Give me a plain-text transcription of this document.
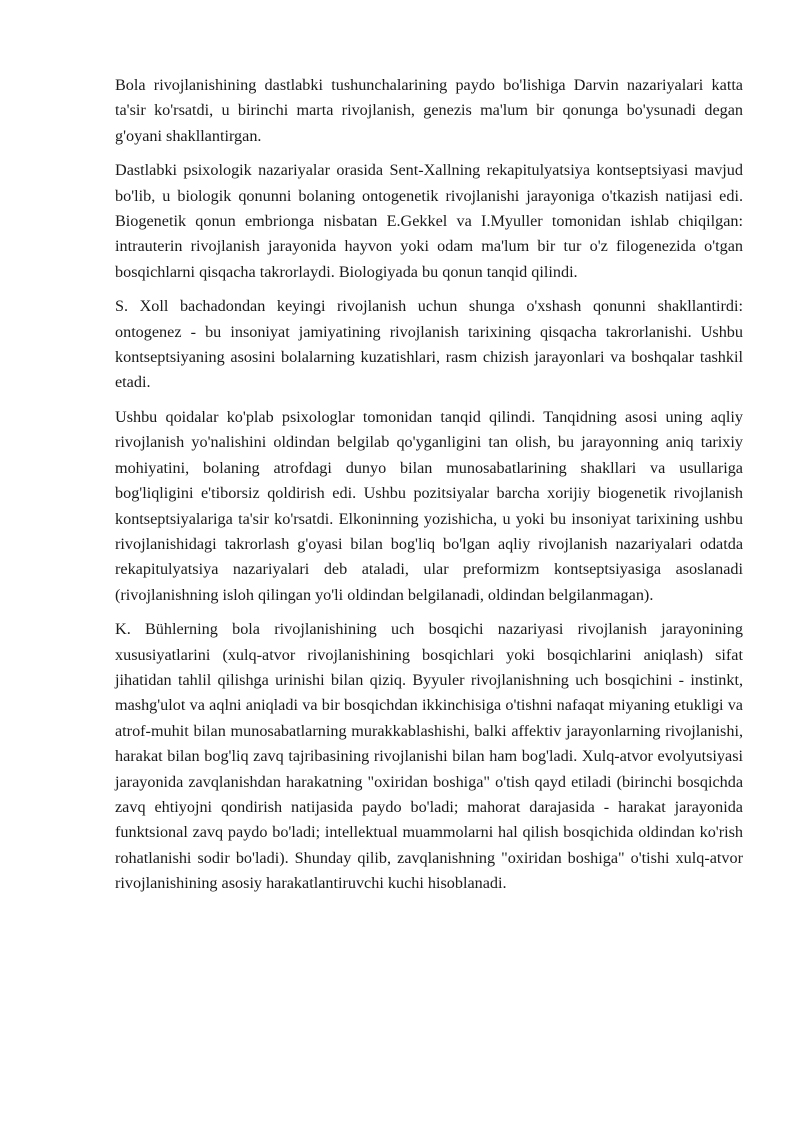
Bola rivojlanishining dastlabki tushunchalarining paydo bo'lishiga Darvin nazariyalari katta ta'sir ko'rsatdi, u birinchi marta rivojlanish, genezis ma'lum bir qonunga bo'ysunadi degan g'oyani shakllantirgan.

Dastlabki psixologik nazariyalar orasida Sent-Xallning rekapitulyatsiya kontseptsiyasi mavjud bo'lib, u biologik qonunni bolaning ontogenetik rivojlanishi jarayoniga o'tkazish natijasi edi. Biogenetik qonun embrionga nisbatan E.Gekkel va I.Myuller tomonidan ishlab chiqilgan: intrauterin rivojlanish jarayonida hayvon yoki odam ma'lum bir tur o'z filogenezida o'tgan bosqichlarni qisqacha takrorlaydi. Biologiyada bu qonun tanqid qilindi.

S. Xoll bachadondan keyingi rivojlanish uchun shunga o'xshash qonunni shakllantirdi: ontogenez - bu insoniyat jamiyatining rivojlanish tarixining qisqacha takrorlanishi. Ushbu kontseptsiyaning asosini bolalarning kuzatishlari, rasm chizish jarayonlari va boshqalar tashkil etadi.

Ushbu qoidalar ko'plab psixologlar tomonidan tanqid qilindi. Tanqidning asosi uning aqliy rivojlanish yo'nalishini oldindan belgilab qo'yganligini tan olish, bu jarayonning aniq tarixiy mohiyatini, bolaning atrofdagi dunyo bilan munosabatlarining shakllari va usullariga bog'liqligini e'tiborsiz qoldirish edi. Ushbu pozitsiyalar barcha xorijiy biogenetik rivojlanish kontseptsiyalariga ta'sir ko'rsatdi. Elkoninning yozishicha, u yoki bu insoniyat tarixining ushbu rivojlanishidagi takrorlash g'oyasi bilan bog'liq bo'lgan aqliy rivojlanish nazariyalari odatda rekapitulyatsiya nazariyalari deb ataladi, ular preformizm kontseptsiyasiga asoslanadi (rivojlanishning isloh qilingan yo'li oldindan belgilanadi, oldindan belgilanmagan).

K. Bühlerning bola rivojlanishining uch bosqichi nazariyasi rivojlanish jarayonining xususiyatlarini (xulq-atvor rivojlanishining bosqichlari yoki bosqichlarini aniqlash) sifat jihatidan tahlil qilishga urinishi bilan qiziq. Byyuler rivojlanishning uch bosqichini - instinkt, mashg'ulot va aqlni aniqladi va bir bosqichdan ikkinchisiga o'tishni nafaqat miyaning etukligi va atrof-muhit bilan munosabatlarning murakkablashishi, balki affektiv jarayonlarning rivojlanishi, harakat bilan bog'liq zavq tajribasining rivojlanishi bilan ham bog'ladi. Xulq-atvor evolyutsiyasi jarayonida zavqlanishdan harakatning "oxiridan boshiga" o'tish qayd etiladi (birinchi bosqichda zavq ehtiyojni qondirish natijasida paydo bo'ladi; mahorat darajasida - harakat jarayonida funktsional zavq paydo bo'ladi; intellektual muammolarni hal qilish bosqichida oldindan ko'rish rohatlanishi sodir bo'ladi). Shunday qilib, zavqlanishning "oxiridan boshiga" o'tishi xulq-atvor rivojlanishining asosiy harakatlantiruvchi kuchi hisoblanadi.
